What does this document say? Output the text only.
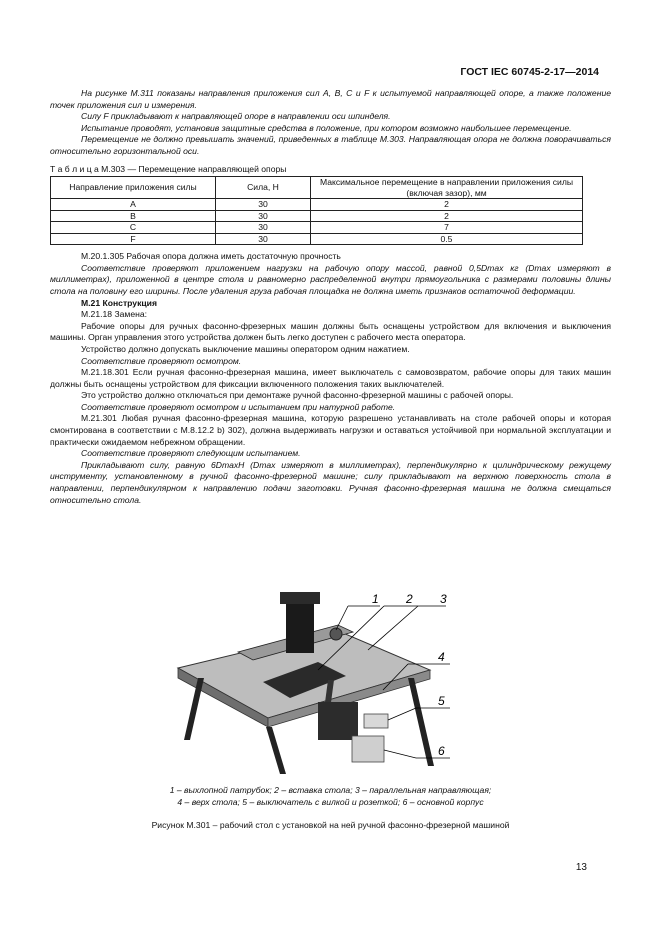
ГОСТ IEC 60745-2-17—2014

На рисунке M.311 показаны направления приложения сил A, B, C и F к испытуемой направляющей опоре, а также положение точек приложения сил и измерения.

Силу F прикладывают к направляющей опоре в направлении оси шпинделя.

Испытание проводят, установив защитные средства в положение, при котором возможно наибольшее перемещение.

Перемещение не должно превышать значений, приведенных в таблице M.303. Направляющая опора не должна поворачиваться относительно горизонтальной оси.

Т а б л и ц а M.303 — Перемещение направляющей опоры

Направление приложения силы	Сила, Н	Максимальное перемещение в направлении приложения силы (включая зазор), мм
A	30	2
B	30	2
C	30	7
F	30	0.5

M.20.1.305 Рабочая опора должна иметь достаточную прочность

Соответствие проверяют приложением нагрузки на рабочую опору массой, равной 0,5Dmax кг (Dmax измеряют в миллиметрах), приложенной в центре стола и равномерно распределенной внутри прямоугольника с размерами половины длины стола на половину его ширины. После удаления груза рабочая площадка не должна иметь признаков остаточной деформации.

M.21 Конструкция

M.21.18 Замена:

Рабочие опоры для ручных фасонно-фрезерных машин должны быть оснащены устройством для включения и выключения машины. Орган управления этого устройства должен быть легко доступен с рабочего места оператора.

Устройство должно допускать выключение машины оператором одним нажатием.

Соответствие проверяют осмотром.

M.21.18.301 Если ручная фасонно-фрезерная машина, имеет выключатель с самовозвратом, рабочие опоры для таких машин должны быть оснащены устройством для фиксации включенного положения таких выключателей.

Это устройство должно отключаться при демонтаже ручной фасонно-фрезерной машины с рабочей опоры.

Соответствие проверяют осмотром и испытанием при натурной работе.

M.21.301 Любая ручная фасонно-фрезерная машина, которую разрешено устанавливать на столе рабочей опоры и которая смонтирована в соответствии с M.8.12.2 b) 302), должна выдерживать нагрузки и оставаться устойчивой при нормальной эксплуатации и практически ожидаемом небрежном обращении.

Соответствие проверяют следующим испытанием.

Прикладывают силу, равную 6DmaxH (Dmax измеряют в миллиметрах), перпендикулярно к цилиндрическому режущему инструменту, установленному в ручной фасонно-фрезерной машине; силу прикладывают на верхнюю поверхность стола в направлении, перпендикулярном к направлению подачи заготовки. Ручная фасонно-фрезерная машина не должна смещаться относительно стола.

1 2 3
4
5
6
1 – выхлопной патрубок; 2 – вставка стола; 3 – параллельная направляющая;
4 – верх стола; 5 – выключатель с вилкой и розеткой; 6 – основной корпус
Рисунок M.301 – рабочий стол с установкой на ней ручной фасонно-фрезерной машиной
13
